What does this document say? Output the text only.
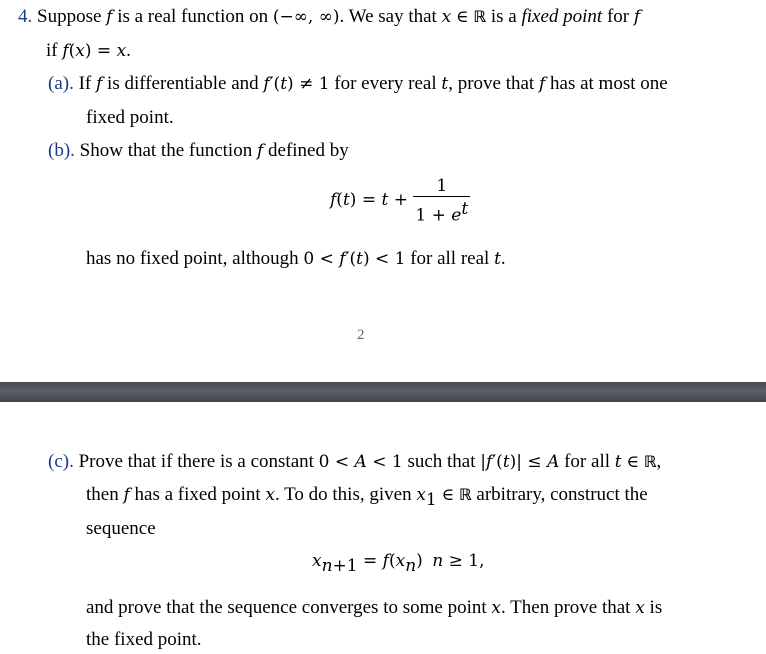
4. Suppose f is a real function on (−∞, ∞). We say that x ∈ ℝ is a fixed point for f
if f(x) = x.
(a). If f is differentiable and f′(t) ≠ 1 for every real t, prove that f has at most one
fixed point.
(b). Show that the function f defined by
$f(t) = t + \frac{1}{1 + e^t}$
has no fixed point, although 0 < f′(t) < 1 for all real t.
2
(c). Prove that if there is a constant 0 < A < 1 such that |f′(t)| ≤ A for all t ∈ ℝ,
then f has a fixed point x. To do this, given $x_1$ ∈ ℝ arbitrary, construct the
sequence
$x_{n+1} = f(x_n) n \ge 1$,
and prove that the sequence converges to some point x. Then prove that x is
the fixed point.
